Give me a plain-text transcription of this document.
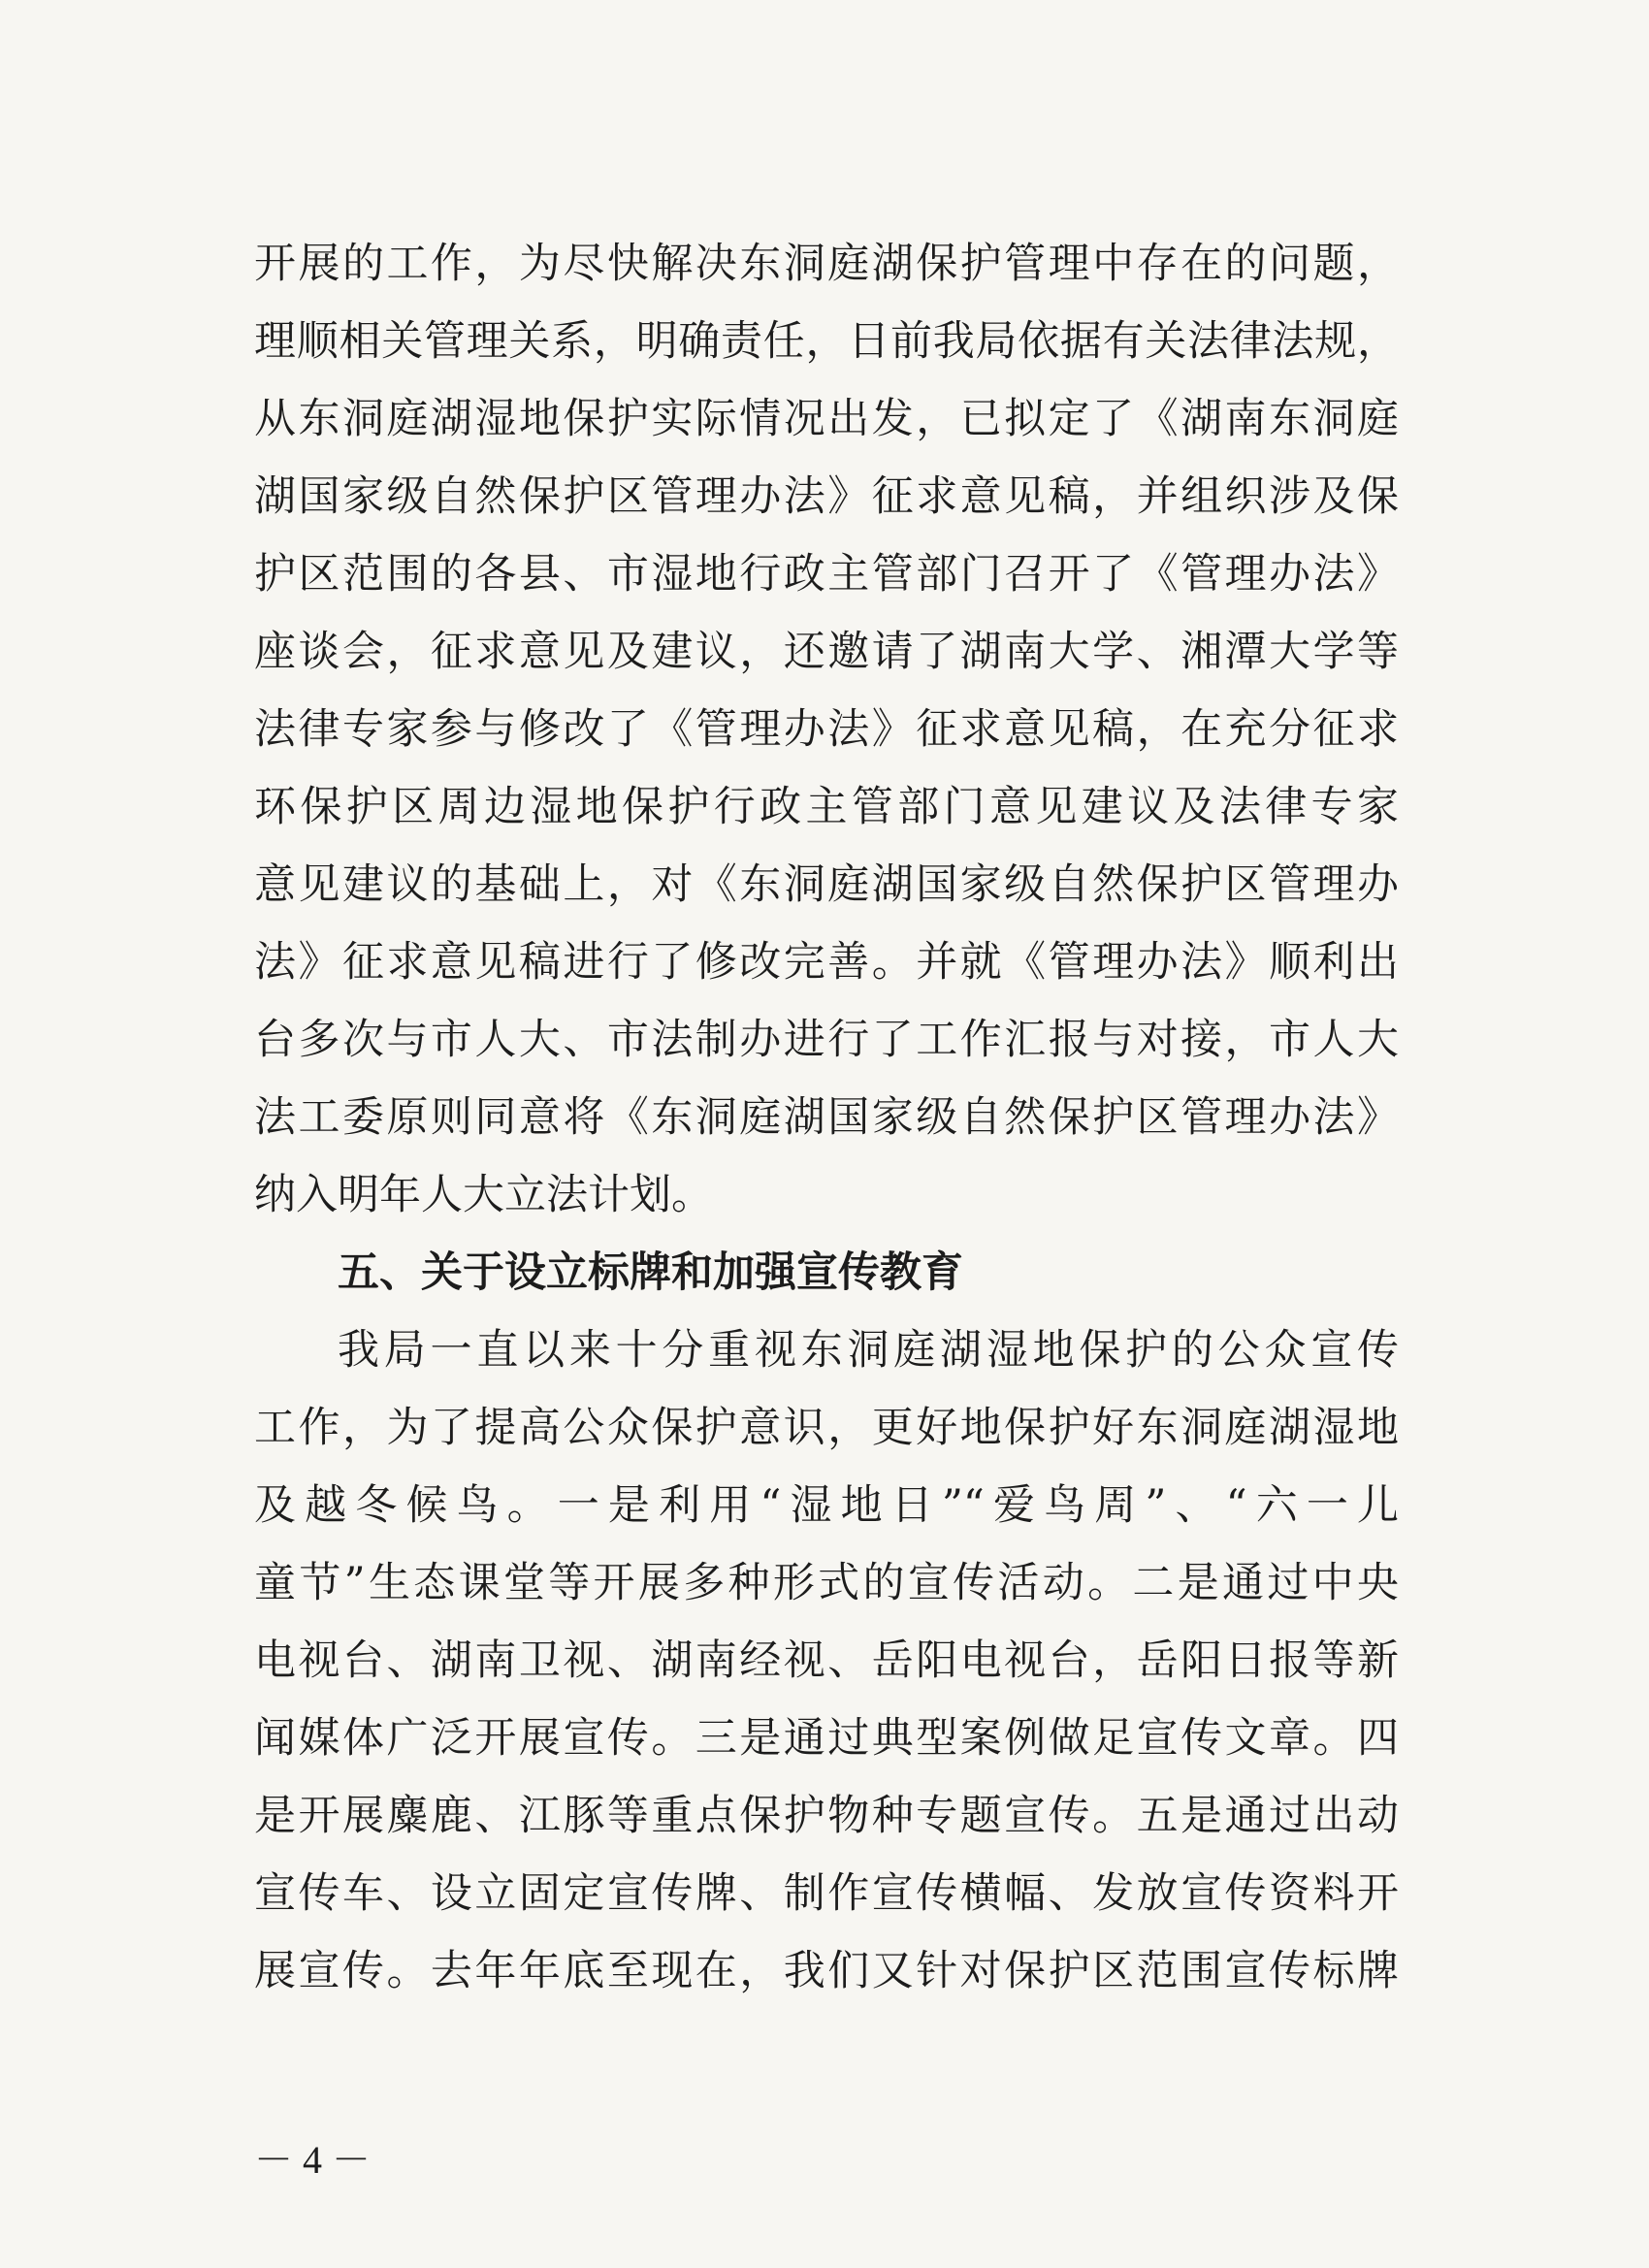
开展的工作，为尽快解决东洞庭湖保护管理中存在的问题，
理顺相关管理关系，明确责任，日前我局依据有关法律法规，
从东洞庭湖湿地保护实际情况出发，已拟定了《湖南东洞庭
湖国家级自然保护区管理办法》征求意见稿，并组织涉及保
护区范围的各县、市湿地行政主管部门召开了《管理办法》
座谈会，征求意见及建议，还邀请了湖南大学、湘潭大学等
法律专家参与修改了《管理办法》征求意见稿，在充分征求
环保护区周边湿地保护行政主管部门意见建议及法律专家
意见建议的基础上，对《东洞庭湖国家级自然保护区管理办
法》征求意见稿进行了修改完善。并就《管理办法》顺利出
台多次与市人大、市法制办进行了工作汇报与对接，市人大
法工委原则同意将《东洞庭湖国家级自然保护区管理办法》
纳入明年人大立法计划。
五、关于设立标牌和加强宣传教育
我局一直以来十分重视东洞庭湖湿地保护的公众宣传
工作，为了提高公众保护意识，更好地保护好东洞庭湖湿地
及越冬候鸟。一是利用“湿地日”“爱鸟周”、“六一儿
童节”生态课堂等开展多种形式的宣传活动。二是通过中央
电视台、湖南卫视、湖南经视、岳阳电视台，岳阳日报等新
闻媒体广泛开展宣传。三是通过典型案例做足宣传文章。四
是开展麋鹿、江豚等重点保护物种专题宣传。五是通过出动
宣传车、设立固定宣传牌、制作宣传横幅、发放宣传资料开
展宣传。去年年底至现在，我们又针对保护区范围宣传标牌
－ 4 －
